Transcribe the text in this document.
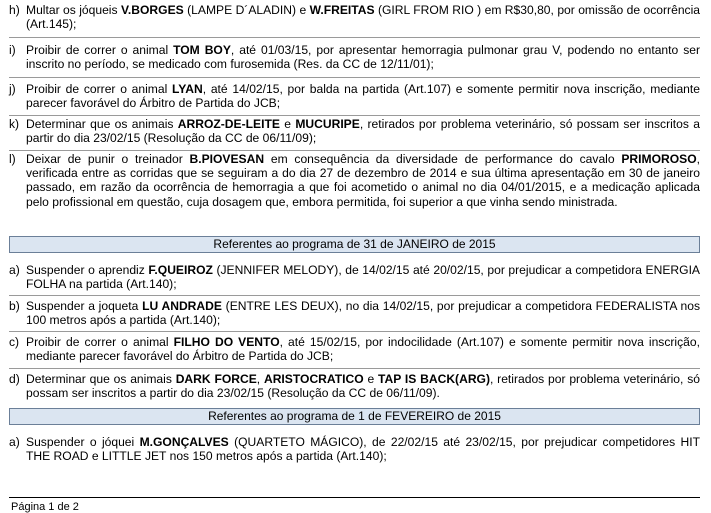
h) Multar os jóqueis V.BORGES (LAMPE D´ALADIN) e W.FREITAS (GIRL FROM RIO ) em R$30,80, por omissão de ocorrência (Art.145);
i) Proibir de correr o animal TOM BOY, até 01/03/15, por apresentar hemorragia pulmonar grau V, podendo no entanto ser inscrito no período, se medicado com furosemida (Res. da CC de 12/11/01);
j) Proibir de correr o animal LYAN, até 14/02/15, por balda na partida (Art.107) e somente permitir nova inscrição, mediante parecer favorável do Árbitro de Partida do JCB;
k) Determinar que os animais ARROZ-DE-LEITE e MUCURIPE, retirados por problema veterinário, só possam ser inscritos a partir do dia 23/02/15 (Resolução da CC de 06/11/09);
l) Deixar de punir o treinador B.PIOVESAN em consequência da diversidade de performance do cavalo PRIMOROSO, verificada entre as corridas que se seguiram a do dia 27 de dezembro de 2014 e sua última apresentação em 30 de janeiro passado, em razão da ocorrência de hemorragia a que foi acometido o animal no dia 04/01/2015, e a medicação aplicada pelo profissional em questão, cuja dosagem que, embora permitida, foi superior a que vinha sendo ministrada.
Referentes ao programa de 31 de JANEIRO de 2015
a) Suspender o aprendiz F.QUEIROZ (JENNIFER MELODY), de 14/02/15 até 20/02/15, por prejudicar a competidora ENERGIA FOLHA na partida (Art.140);
b) Suspender a joqueta LU ANDRADE (ENTRE LES DEUX), no dia 14/02/15, por prejudicar a competidora FEDERALISTA nos 100 metros após a partida (Art.140);
c) Proibir de correr o animal FILHO DO VENTO, até 15/02/15, por indocilidade (Art.107) e somente permitir nova inscrição, mediante parecer favorável do Árbitro de Partida do JCB;
d) Determinar que os animais DARK FORCE, ARISTOCRATICO e TAP IS BACK(ARG), retirados por problema veterinário, só possam ser inscritos a partir do dia 23/02/15 (Resolução da CC de 06/11/09).
Referentes ao programa de 1 de FEVEREIRO de 2015
a) Suspender o jóquei M.GONÇALVES (QUARTETO MÁGICO), de 22/02/15 até 23/02/15, por prejudicar competidores HIT THE ROAD e LITTLE JET nos 150 metros após a partida (Art.140);
Página 1 de 2
